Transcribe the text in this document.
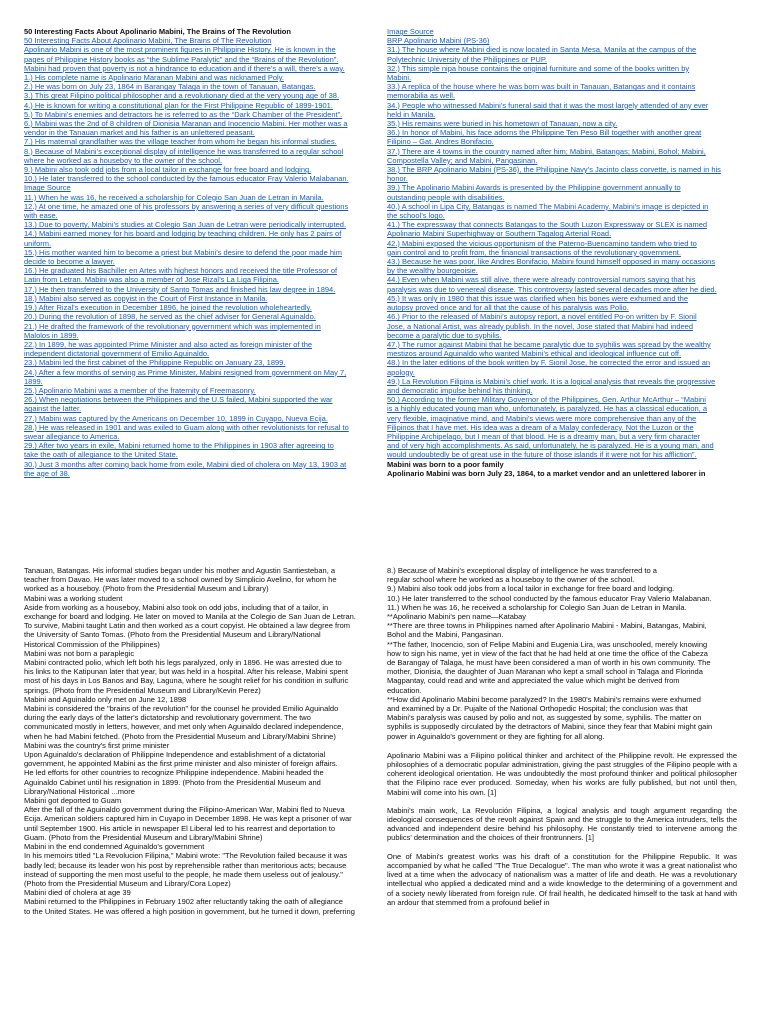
50 Interesting Facts About Apolinario Mabini, The Brains of The Revolution
50 Interesting Facts About Apolinario Mabini, The Brains of The Revolution
Apolinario Mabini is one of the most prominent figures in Philippine History. He is known in the
pages of Philippine History books as “the Sublime Paralytic” and the “Brains of the Revolution”.
Mabini had proven that poverty is not a hindrance to education and if there’s a will, there’s a way.
1.) His complete name is Apolinario Maranan Mabini and was nicknamed Poly.
2.) He was born on July 23, 1864 in Barangay Talaga in the town of Tanauan, Batangas.
3.) This great Filipino political philosopher and a revolutionary died at the very young age of 38.
4.) He is known for writing a constitutional plan for the First Philippine Republic of 1899-1901.
5.) To Mabini’s enemies and detractors he is referred to as the “Dark Chamber of the President”.
6.) Mabini was the 2nd of 8 children of Dionisia Maranan and Inocencio Mabini. Her mother was a
vendor in the Tanauan market and his father is an unlettered peasant.
7.) His maternal grandfather was the village teacher from whom he began his informal studies.
8.) Because of Mabini’s exceptional display of intelligence he was transferred to a regular school
where he worked as a houseboy to the owner of the school.
9.) Mabini also took odd jobs from a local tailor in exchange for free board and lodging.
10.) He later transferred to the school conducted by the famous educator Fray Valerio Malabanan.
Image Source
11.) When he was 16, he received a scholarship for Colegio San Juan de Letran in Manila.
12.) At one time, he amazed one of his professors by answering a series of very difficult questions
with ease.
13.) Due to poverty, Mabini’s studies at Colegio San Juan de Letran were periodically interrupted.
14.) Mabini earned money for his board and lodging by teaching children. He only has 2 pairs of
uniform.
15.) His mother wanted him to become a priest but Mabini’s desire to defend the poor made him
decide to become a lawyer.
16.) He graduated his Bachiller en Artes with highest honors and received the title Professor of
Latin from Letran. Mabini was also a member of Jose Rizal’s La Liga Filipina.
17.) He then transferred to the University of Santo Tomas and finished his law degree in 1894.
18.) Mabini also served as copyist in the Court of First Instance in Manila.
19.) After Rizal’s execution in December 1896, he joined the revolution wholeheartedly.
20.) During the revolution of 1898, he served as the chief adviser for General Aguinaldo.
21.) He drafted the framework of the revolutionary government which was implemented in
Malolos in 1899.
22.) In 1899, he was appointed Prime Minister and also acted as foreign minister of the
independent dictatorial government of Emilio Aguinaldo.
23.) Mabini led the first cabinet of the Philippine Republic on January 23, 1899.
24.) After a few months of serving as Prime Minister, Mabini resigned from government on May 7,
1899.
25.) Apolinario Mabini was a member of the fraternity of Freemasonry.
26.) When negotiations between the Philippines and the U.S failed, Mabini supported the war
against the latter.
27.) Mabini was captured by the Americans on December 10, 1899 in Cuyapo, Nueva Ecija.
28.) He was released in 1901 and was exiled to Guam along with other revolutionists for refusal to
swear allegiance to America.
29.) After two years in exile, Mabini returned home to the Philippines in 1903 after agreeing to
take the oath of allegiance to the United State.
30.) Just 3 months after coming back home from exile, Mabini died of cholera on May 13, 1903 at
the age of 38.
Image Source
BRP Apolinario Mabini (PS-36)
31.) The house where Mabini died is now located in Santa Mesa, Manila at the campus of the
Polytechnic University of the Philippines or PUP.
32.) This simple nipa house contains the original furniture and some of the books written by
Mabini.
33.) A replica of the house where he was born was built in Tanauan, Batangas and it contains
memorabilia as well.
34.) People who witnessed Mabini’s funeral said that it was the most largely attended of any ever
held in Manila.
35.) His remains were buried in his hometown of Tanauan, now a city.
36.) In honor of Mabini, his face adorns the Philippine Ten Peso Bill together with another great
Filipino – Gat. Andres Bonifacio.
37.) There are 4 towns in the country named after him; Mabini, Batangas; Mabini, Bohol; Mabini,
Compostella Valley; and Mabini, Pangasinan.
38.) The BRP Apolinario Mabini (PS-36), the Philippine Navy’s Jacinto class corvette, is named in his
honor.
39.) The Apolinario Mabini Awards is presented by the Philippine government annually to
outstanding people with disabilities.
40.) A school in Lipa City, Batangas is named The Mabini Academy. Mabini’s image is depicted in
the school’s logo.
41.) The expressway that connects Batangas to the South Luzon Expressway or SLEX is named
Apolinario Mabini Superhighway or Southern Tagalog Arterial Road.
42.) Mabini exposed the vicious opportunism of the Paterno-Buencamino tandem who tried to
gain control and to profit from, the financial transactions of the revolutionary government.
43.) Because he was poor, like Andres Bonifacio, Mabini found himself opposed in many occasions
by the wealthy bourgeoisie.
44.) Even when Mabini was still alive, there were already controversial rumors saying that his
paralysis was due to venereal disease. This controversy lasted several decades more after he died.
45.) It was only in 1980 that this issue was clarified when his bones were exhumed and the
autopsy proved once and for all that the cause of his paralysis was Polio.
46.) Prior to the released of Mabini’s autopsy report, a novel entitled Po-on written by F. Sionil
Jose, a National Artist, was already publish. In the novel, Jose stated that Mabini had indeed
become a paralytic due to syphilis.
47.) The rumor against Mabini that he became paralytic due to syphilis was spread by the wealthy
mestizos around Aguinaldo who wanted Mabini’s ethical and ideological influence cut off.
48.) In the later editions of the book written by F. Sionil Jose, he corrected the error and issued an
apology.
49.) La Revolution Filipina is Mabini’s chief work. It is a logical analysis that reveals the progressive
and democratic impulse behind his thinking.
50.) According to the former Military Governor of the Philippines, Gen. Arthur McArthur – “Mabini
is a highly educated young man who, unfortunately, is paralyzed. He has a classical education, a
very flexible, imaginative mind, and Mabini’s views were more comprehensive than any of the
Filipinos that I have met. His idea was a dream of a Malay confederacy. Not the Luzon or the
Philippine Archipelago, but I mean of that blood. He is a dreamy man, but a very firm character
and of very high accomplishments. As said, unfortunately, he is paralyzed. He is a young man, and
would undoubtedly be of great use in the future of those islands if it were not for his affliction”.
Mabini was born to a poor family
Apolinario Mabini was born July 23, 1864, to a market vendor and an unlettered laborer in
Tanauan, Batangas. His informal studies began under his mother and Agustin Santiesteban, a
teacher from Davao. He was later moved to a school owned by Simplicio Avelino, for whom he
worked as a houseboy. (Photo from the Presidential Museum and Library)
Mabini was a working student
Aside from working as a houseboy, Mabini also took on odd jobs, including that of a tailor, in
exchange for board and lodging. He later on moved to Manila at the Colegio de San Juan de Letran.
To survive, Mabini taught Latin and then worked as a court copyist. He obtained a law degree from
the University of Santo Tomas. (Photo from the Presidential Museum and Library/National
Historical Commission of the Philippines)
Mabini was not born a paraplegic
Mabini contracted polio, which left both his legs paralyzed, only in 1896. He was arrested due to
his links to the Katipunan later that year, but was held in a hospital. After his release, Mabini spent
most of his days in Los Banos and Bay, Laguna, where he sought relief for his condition in sulfuric
springs. (Photo from the Presidential Museum and Library/Kevin Perez)
Mabini and Aguinaldo only met on June 12, 1898
Mabini is considered the "brains of the revolution" for the counsel he provided Emilio Aguinaldo
during the early days of the latter's dictatorship and revolutionary government. The two
communicated mostly in letters, however, and met only when Aguinaldo declared independence,
when he had Mabini fetched. (Photo from the Presidential Museum and Library/Mabini Shrine)
Mabini was the country's first prime minister
Upon Aguinaldo's declaration of Philippine Independence and establishment of a dictatorial
government, he appointed Mabini as the first prime minister and also minister of foreign affairs.
He led efforts for other countries to recognize Philippine independence. Mabini headed the
Aguinaldo Cabinet until his resignation in 1899. (Photo from the Presidential Museum and
Library/National Historical ...more
Mabini got deported to Guam
After the fall of the Aguinaldo government during the Filipino-American War, Mabini fled to Nueva
Ecija. American soldiers captured him in Cuyapo in December 1898. He was kept a prisoner of war
until September 1900. His article in newspaper El Liberal led to his rearrest and deportation to
Guam. (Photo from the Presidential Museum and Library/Mabini Shrine)
Mabini in the end condemned Aguinaldo's government
In his memoirs titled "La Revolucion Filipina," Mabini wrote: "The Revolution failed because it was
badly led; because its leader won his post by reprehensible rather than meritorious acts; because
instead of supporting the men most useful to the people, he made them useless out of jealousy."
(Photo from the Presidential Museum and Library/Cora Lopez)
Mabini died of cholera at age 39
Mabini returned to the Philippines in February 1902 after reluctantly taking the oath of allegiance
to the United States. He was offered a high position in government, but he turned it down, preferring
8.) Because of Mabini's exceptional display of intelligence he was transferred to a
regular school where he worked as a houseboy to the owner of the school.
9.) Mabini also took odd jobs from a local tailor in exchange for free board and lodging.
10.) He later transferred to the school conducted by the famous educator Fray Valerio Malabanan.
11.) When he was 16, he received a scholarship for Colegio San Juan de Letran in Manila.
**Apolinario Mabini's pen name—Katabay
**There are three towns in Philippines named after Apolinario Mabini - Mabini, Batangas, Mabini,
Bohol and the Mabini, Pangasinan.
**The father, Inocencio, son of Felipe Mabini and Eugenia Lira, was unschooled, merely knowing
how to sign his name, yet in view of the fact that he had held at one time the office of the Cabeza
de Barangay of Talaga, he must have been considered a man of worth in his own community. The
mother, Dionisia, the daughter of Juan Maranan who kept a small school in Talaga and Florinda
Magpantay, could read and write and appreciated the value which might be derived from
education.
**How did Apolinario Mabini become paralyzed? In the 1980's Mabini's remains were exhumed
and examined by a Dr. Pujalte of the National Orthopedic Hospital; the conclusion was that
Mabini's paralysis was caused by polio and not, as suggested by some, syphilis. The matter on
syphilis is supposedly circulated by the detractors of Mabini, since they fear that Mabini might gain
power in Aguinaldo's government or they are fighting for all along.
Apolinario Mabini was a Filipino political thinker and architect of the Philippine revolt. He expressed the philosophies of a democratic popular administration, giving the past struggles of the Filipino people with a coherent ideological orientation. He was undoubtedly the most profound thinker and political philosopher that the Filipino race ever produced. Someday, when his works are fully published, but not until then, Mabini will come into his own. [1]
Mabini's main work, La Revolución Filipina, a logical analysis and tough argument regarding the ideological consequences of the revolt against Spain and the struggle to the America intruders, tells the advanced and independent desire behind his philosophy. He constantly tried to intervene among the publics' determination and the choices of their frontrunners. [1]
One of Mabini's greatest works was his draft of a constitution for the Philippine Republic. It was accompanied by what he called "The True Decalogue". The man who wrote it was a great nationalist who lived at a time when the advocacy of nationalism was a matter of life and death. He was a revolutionary intellectual who applied a dedicated mind and a wide knowledge to the determining of a government and of a society newly liberated from foreign rule. Of frail health, he dedicated himself to the task at hand with an ardour that stemmed from a profound belief in
